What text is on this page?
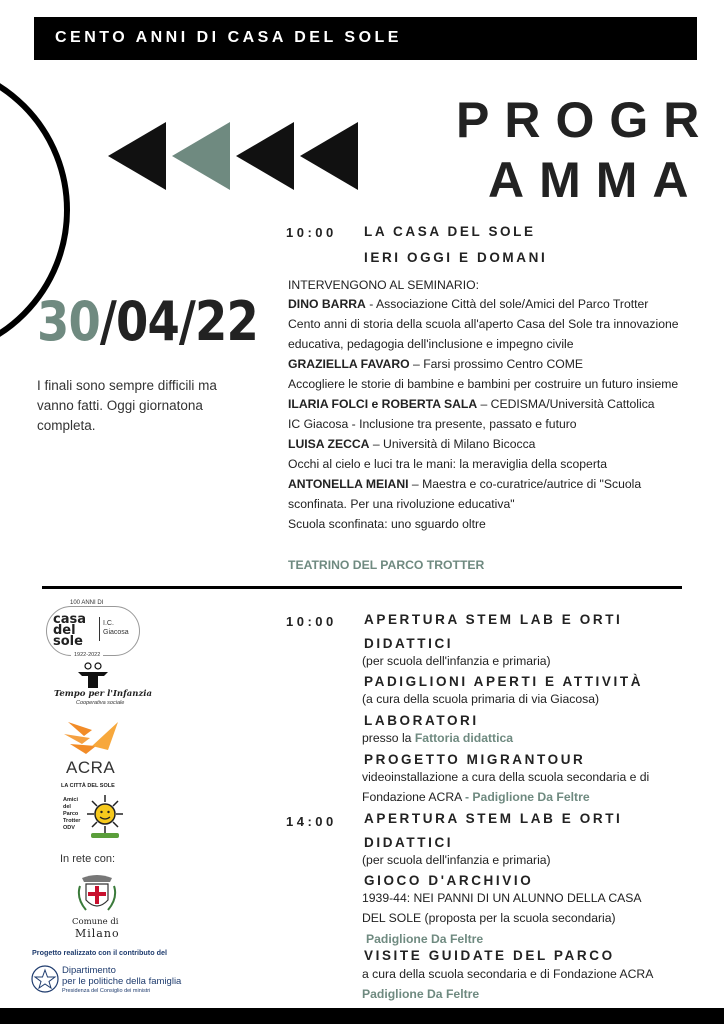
CENTO ANNI DI CASA DEL SOLE
PROGR
AMMA
30/04/22
I finali sono sempre difficili ma vanno fatti. Oggi giornatona completa.
10:00 LA CASA DEL SOLE
IERI OGGI E DOMANI
INTERVENGONO AL SEMINARIO:
DINO BARRA - Associazione Città del sole/Amici del Parco Trotter
Cento anni di storia della scuola all'aperto Casa del Sole tra innovazione
educativa, pedagogia dell'inclusione e impegno civile
GRAZIELLA FAVARO – Farsi prossimo Centro COME
Accogliere le storie di bambine e bambini per costruire un futuro insieme
ILARIA FOLCI e ROBERTA SALA – CEDISMA/Università Cattolica
IC Giacosa - Inclusione tra presente, passato e futuro
LUISA ZECCA – Università di Milano Bicocca
Occhi al cielo e luci tra le mani: la meraviglia della scoperta
ANTONELLA MEIANI – Maestra e co-curatrice/autrice di "Scuola
sconfinata. Per una rivoluzione educativa"
Scuola sconfinata: uno sguardo oltre
TEATRINO DEL PARCO TROTTER
10:00 APERTURA STEM LAB E ORTI
DIDATTICI
(per scuola dell'infanzia e primaria)
PADIGLIONI APERTI E ATTIVITÀ
(a cura della scuola primaria di via Giacosa)
LABORATORI
presso la Fattoria didattica
PROGETTO MIGRANTOUR
videoinstallazione a cura della scuola secondaria e di
Fondazione ACRA - Padiglione Da Feltre
14:00 APERTURA STEM LAB E ORTI
DIDATTICI
(per scuola dell'infanzia e primaria)
GIOCO D'ARCHIVIO
1939-44: NEI PANNI DI UN ALUNNO DELLA CASA
DEL SOLE (proposta per la scuola secondaria)
Padiglione Da Feltre
VISITE GUIDATE DEL PARCO
a cura della scuola secondaria e di Fondazione ACRA
Padiglione Da Feltre
100 ANNI DI
casa
del
sole
I.C.
Giacosa
1922-2022
Tempo per l'Infanzia
Cooperativa sociale
ACRA
LA CITTÀ DEL SOLE
Amici
del
Parco
Trotter
ODV
In rete con:
Comune di
Milano
Progetto realizzato con il contributo del
Dipartimento
per le politiche della famiglia
Presidenza del Consiglio dei ministri
